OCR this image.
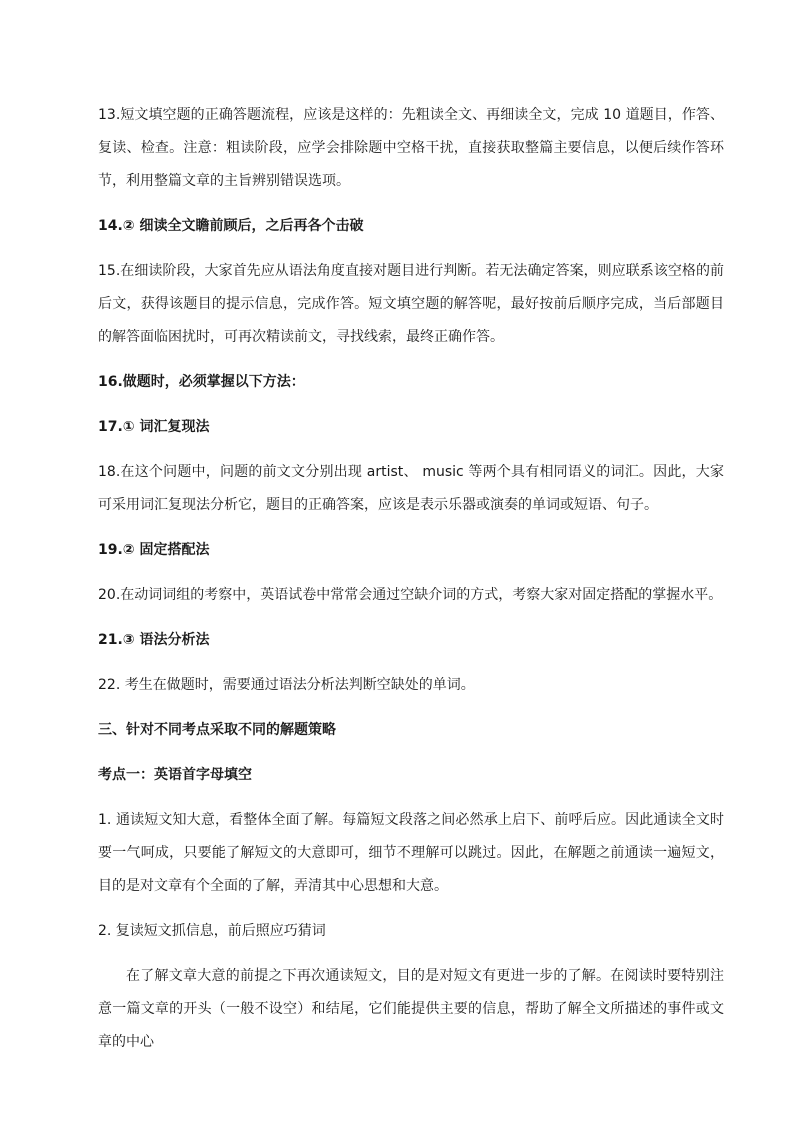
13.短文填空题的正确答题流程，应该是这样的：先粗读全文、再细读全文，完成 10 道题目，作答、复读、检查。注意：粗读阶段，应学会排除题中空格干扰，直接获取整篇主要信息，以便后续作答环节，利用整篇文章的主旨辨别错误选项。

14.② 细读全文瞻前顾后，之后再各个击破

15.在细读阶段，大家首先应从语法角度直接对题目进行判断。若无法确定答案，则应联系该空格的前后文，获得该题目的提示信息，完成作答。短文填空题的解答呢，最好按前后顺序完成，当后部题目的解答面临困扰时，可再次精读前文，寻找线索，最终正确作答。

16.做题时，必须掌握以下方法：

17.① 词汇复现法

18.在这个问题中，问题的前文文分别出现 artist、 music 等两个具有相同语义的词汇。因此，大家可采用词汇复现法分析它，题目的正确答案，应该是表示乐器或演奏的单词或短语、句子。

19.② 固定搭配法

20.在动词词组的考察中，英语试卷中常常会通过空缺介词的方式，考察大家对固定搭配的掌握水平。

21.③ 语法分析法

22. 考生在做题时，需要通过语法分析法判断空缺处的单词。

三、针对不同考点采取不同的解题策略

考点一：英语首字母填空

1. 通读短文知大意，看整体全面了解。每篇短文段落之间必然承上启下、前呼后应。因此通读全文时要一气呵成，只要能了解短文的大意即可，细节不理解可以跳过。因此，在解题之前通读一遍短文，目的是对文章有个全面的了解，弄清其中心思想和大意。

2. 复读短文抓信息，前后照应巧猜词

在了解文章大意的前提之下再次通读短文，目的是对短文有更进一步的了解。在阅读时要特别注意一篇文章的开头（一般不设空）和结尾，它们能提供主要的信息，帮助了解全文所描述的事件或文章的中心
